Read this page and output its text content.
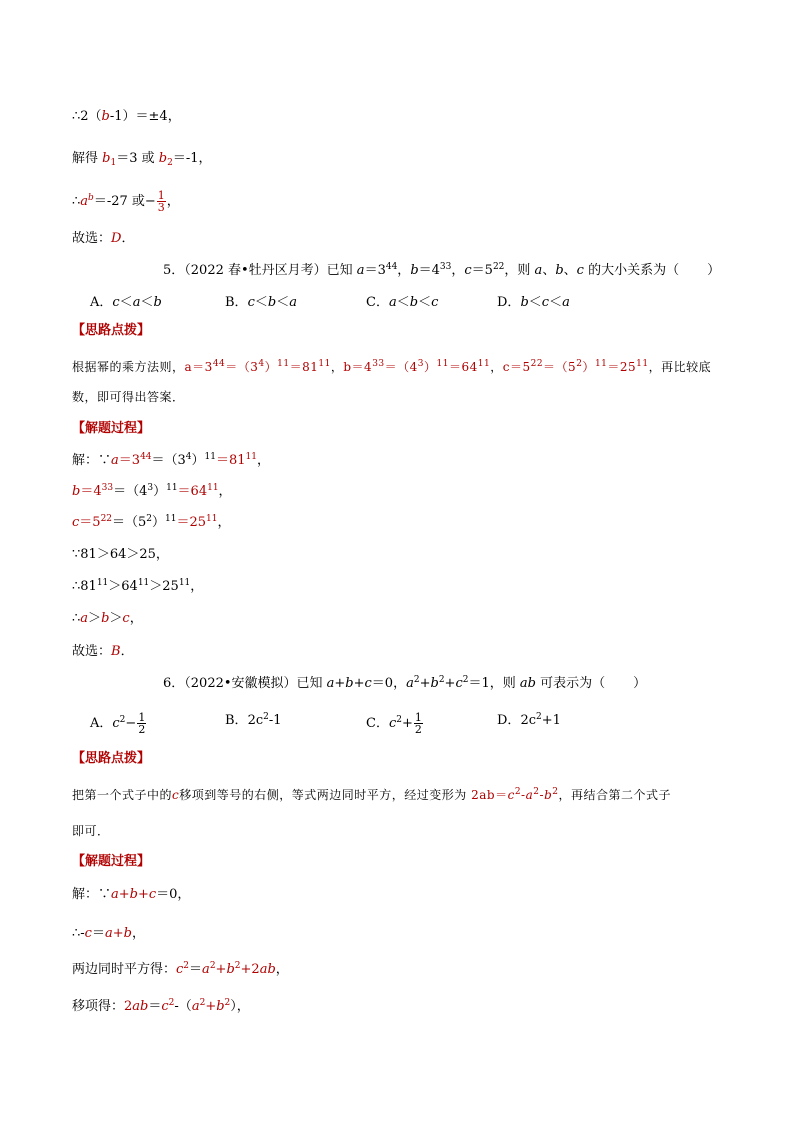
∴2（b-1）＝±4，
解得 $b_1=3$ 或 $b_2=-1$，
$\therefore a^b=-27$ 或− $\frac{1}{3}$ ，
故选：D．
5．（2022 春•牡丹区月考）已知 $a=3^{44}$，$b=4^{33}$，$c=5^{22}$，则 a、b、c 的大小关系为（ ）
A．c＜a＜b	B．c＜b＜a	C．a＜b＜c	D．b＜c＜a
【思路点拨】
根据幂的乘方法则，$a=3^{44}=(3^4)^{11}=81^{11}$，$b=4^{33}=(4^3)^{11}=64^{11}$，$c=5^{22}=(5^2)^{11}=25^{11}$，再比较底
数，即可得出答案．
【解题过程】
解：$\because a=3^{44}=(3^4)^{11}=81^{11}$，
$b=4^{33}=(4^3)^{11}=64^{11}$，
$c=5^{22}=(5^2)^{11}=25^{11}$，
∵81＞64＞25，
$\therefore 81^{11}>64^{11}>25^{11}$，
∴a＞b＞c，
故选：B．
6．（2022•安徽模拟）已知 a+b+c＝0，$a^2+b^2+c^2=1$，则 ab 可表示为（ ）
A．$c^2- \frac{1}{2}$	B．$2c^2-1$	C．$c^2+ \frac{1}{2}$	D．$2c^2+1$
【思路点拨】
把第一个式子中的c移项到等号的右侧，等式两边同时平方，经过变形为 $2ab=c^2-a^2-b^2$，再结合第二个式子
即可．
【解题过程】
解：∵a+b+c＝0，
∴-c＝a+b，
两边同时平方得：$c^2=a^2+b^2+2ab$，
移项得：$2ab=c^2-(a^2+b^2)$，
